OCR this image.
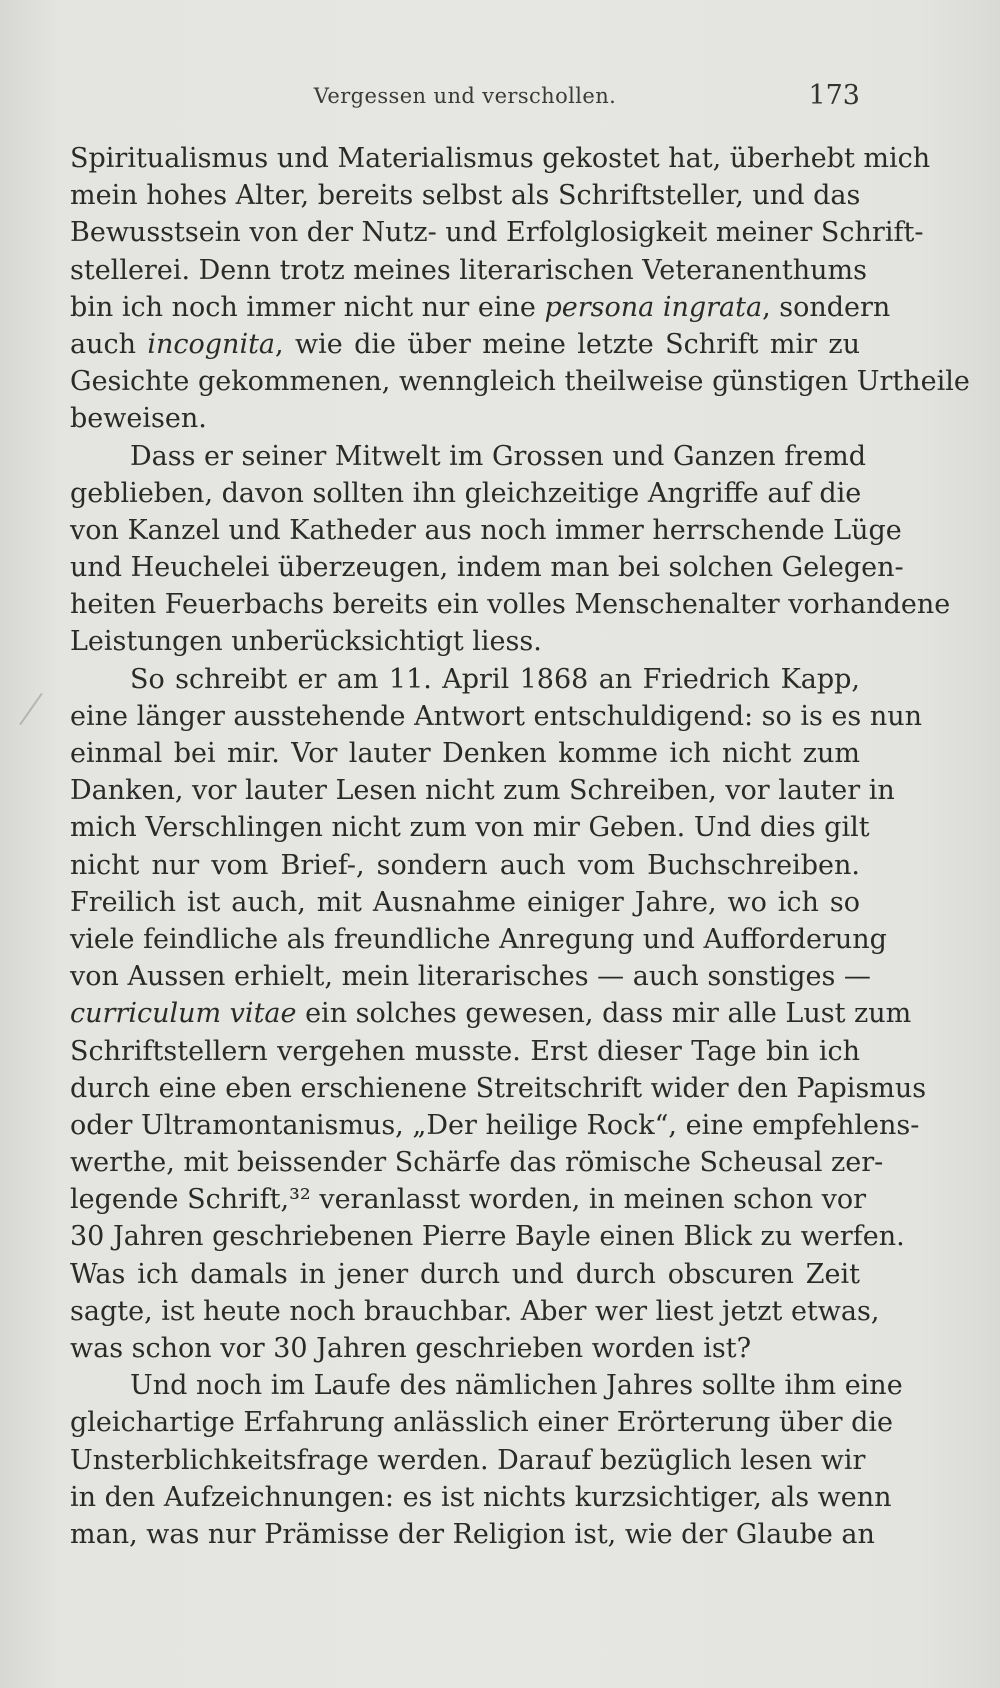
Vergessen und verschollen.	173
Spiritualismus und Materialismus gekostet hat, überhebt mich
mein hohes Alter, bereits selbst als Schriftsteller, und das
Bewusstsein von der Nutz- und Erfolglosigkeit meiner Schrift-
stellerei. Denn trotz meines literarischen Veteranenthums
bin ich noch immer nicht nur eine persona ingrata, sondern
auch incognita, wie die über meine letzte Schrift mir zu
Gesichte gekommenen, wenngleich theilweise günstigen Urtheile
beweisen.
Dass er seiner Mitwelt im Grossen und Ganzen fremd
geblieben, davon sollten ihn gleichzeitige Angriffe auf die
von Kanzel und Katheder aus noch immer herrschende Lüge
und Heuchelei überzeugen, indem man bei solchen Gelegen-
heiten Feuerbachs bereits ein volles Menschenalter vorhandene
Leistungen unberücksichtigt liess.
So schreibt er am 11. April 1868 an Friedrich Kapp,
eine länger ausstehende Antwort entschuldigend: so is es nun
einmal bei mir. Vor lauter Denken komme ich nicht zum
Danken, vor lauter Lesen nicht zum Schreiben, vor lauter in
mich Verschlingen nicht zum von mir Geben. Und dies gilt
nicht nur vom Brief-, sondern auch vom Buchschreiben.
Freilich ist auch, mit Ausnahme einiger Jahre, wo ich so
viele feindliche als freundliche Anregung und Aufforderung
von Aussen erhielt, mein literarisches — auch sonstiges —
curriculum vitae ein solches gewesen, dass mir alle Lust zum
Schriftstellern vergehen musste. Erst dieser Tage bin ich
durch eine eben erschienene Streitschrift wider den Papismus
oder Ultramontanismus, „Der heilige Rock“, eine empfehlens-
werthe, mit beissender Schärfe das römische Scheusal zer-
legende Schrift,³² veranlasst worden, in meinen schon vor
30 Jahren geschriebenen Pierre Bayle einen Blick zu werfen.
Was ich damals in jener durch und durch obscuren Zeit
sagte, ist heute noch brauchbar. Aber wer liest jetzt etwas,
was schon vor 30 Jahren geschrieben worden ist?
Und noch im Laufe des nämlichen Jahres sollte ihm eine
gleichartige Erfahrung anlässlich einer Erörterung über die
Unsterblichkeitsfrage werden. Darauf bezüglich lesen wir
in den Aufzeichnungen: es ist nichts kurzsichtiger, als wenn
man, was nur Prämisse der Religion ist, wie der Glaube an
